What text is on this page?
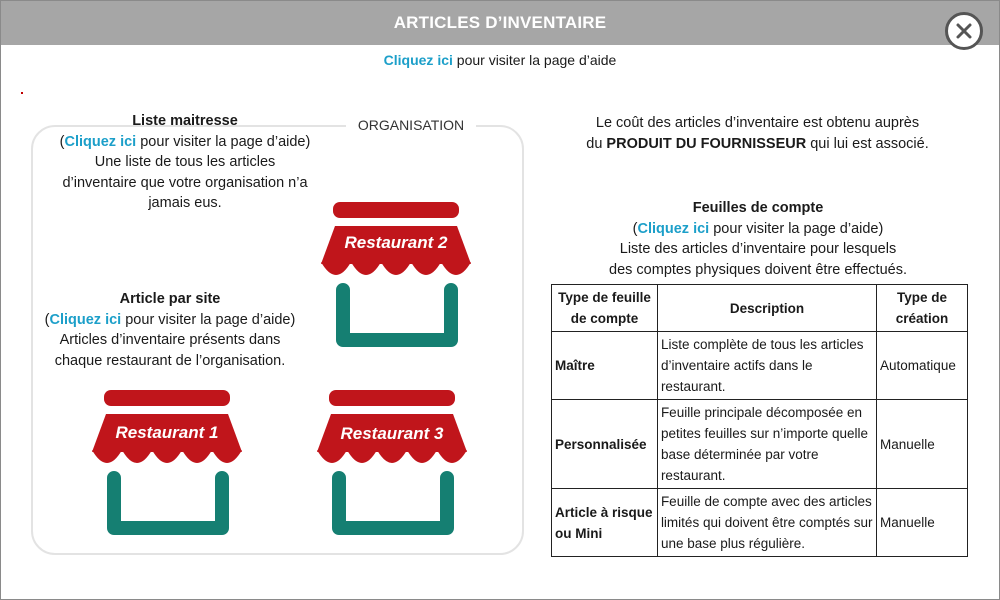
ARTICLES D’INVENTAIRE
Cliquez ici pour visiter la page d’aide
ORGANISATION
Liste maitresse
(Cliquez ici pour visiter la page d’aide)
Une liste de tous les articles
d’inventaire que votre organisation n’a
jamais eus.
Article par site
(Cliquez ici pour visiter la page d’aide)
Articles d’inventaire présents dans
chaque restaurant de l’organisation.
Restaurant 2
Restaurant 1	Restaurant 3
Le coût des articles d’inventaire est obtenu auprès
du PRODUIT DU FOURNISSEUR qui lui est associé.
Feuilles de compte
(Cliquez ici pour visiter la page d’aide)
Liste des articles d’inventaire pour lesquels
des comptes physiques doivent être effectués.
Type de feuille de compte	Description	Type de création
Maître	Liste complète de tous les articles d’inventaire actifs dans le restaurant.	Automatique
Personnalisée	Feuille principale décomposée en petites feuilles sur n’importe quelle base déterminée par votre restaurant.	Manuelle
Article à risque ou Mini	Feuille de compte avec des articles limités qui doivent être comptés sur une base plus régulière.	Manuelle
